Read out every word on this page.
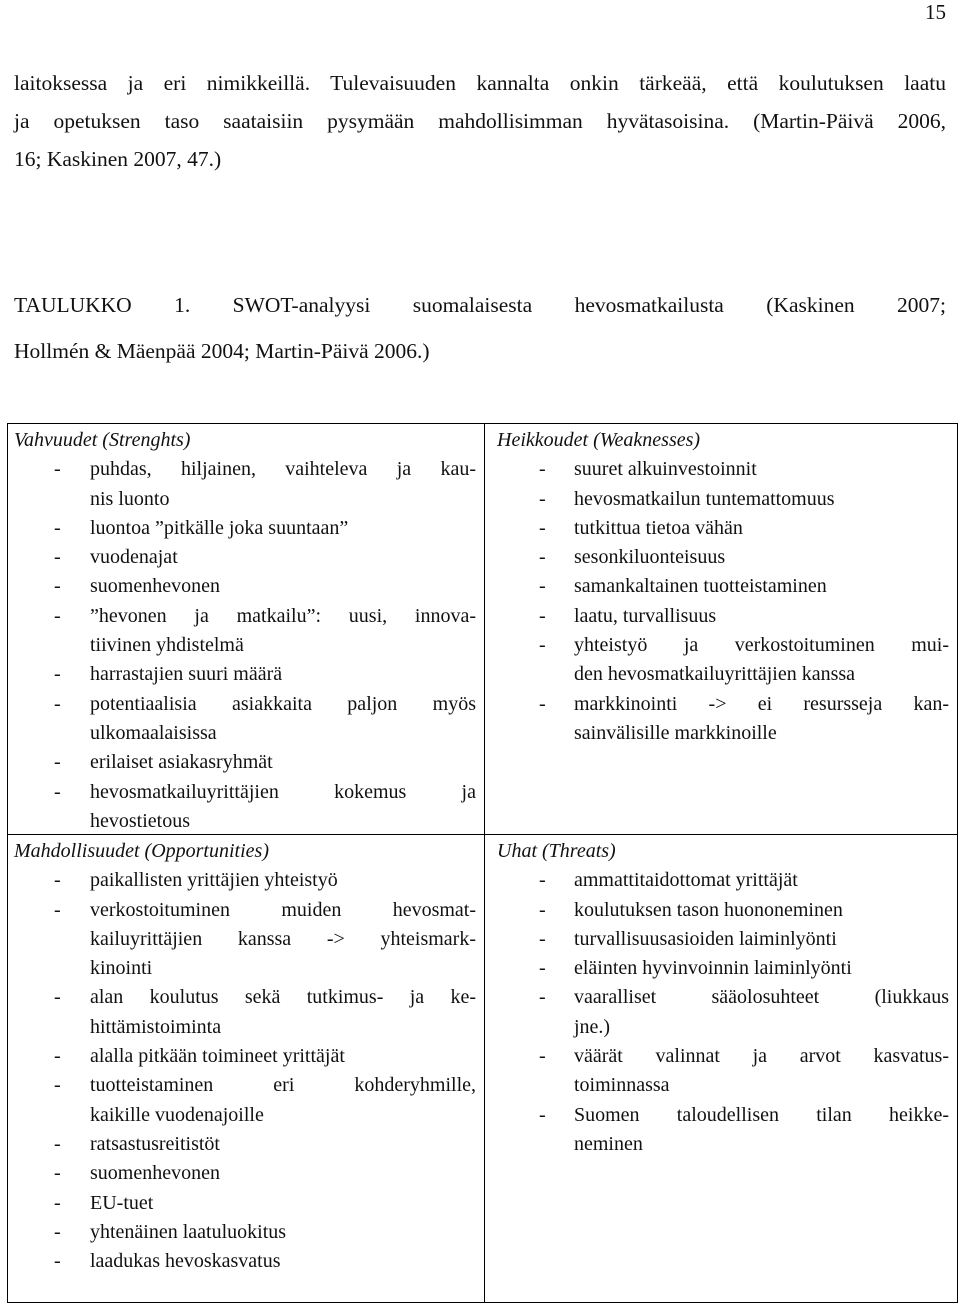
15
laitoksessa ja eri nimikkeillä. Tulevaisuuden kannalta onkin tärkeää, että koulutuksen laatu
ja opetuksen taso saataisiin pysymään mahdollisimman hyvätasoisina. (Martin-Päivä 2006,
16; Kaskinen 2007, 47.)
TAULUKKO 1. SWOT-analyysi suomalaisesta hevosmatkailusta (Kaskinen 2007;
Hollmén & Mäenpää 2004; Martin-Päivä 2006.)
Vahvuudet (Strenghts)
- puhdas, hiljainen, vaihteleva ja kau-
nis luonto
- luontoa ”pitkälle joka suuntaan”
- vuodenajat
- suomenhevonen
- ”hevonen ja matkailu”: uusi, innova-
tiivinen yhdistelmä
- harrastajien suuri määrä
- potentiaalisia asiakkaita paljon myös
ulkomaalaisissa
- erilaiset asiakasryhmät
- hevosmatkailuyrittäjien kokemus ja
hevostietous
Heikkoudet (Weaknesses)
- suuret alkuinvestoinnit
- hevosmatkailun tuntemattomuus
- tutkittua tietoa vähän
- sesonkiluonteisuus
- samankaltainen tuotteistaminen
- laatu, turvallisuus
- yhteistyö ja verkostoituminen mui-
den hevosmatkailuyrittäjien kanssa
- markkinointi -> ei resursseja kan-
sainvälisille markkinoille
Mahdollisuudet (Opportunities)
- paikallisten yrittäjien yhteistyö
- verkostoituminen muiden hevosmat-
kailuyrittäjien kanssa -> yhteismark-
kinointi
- alan koulutus sekä tutkimus- ja ke-
hittämistoiminta
- alalla pitkään toimineet yrittäjät
- tuotteistaminen eri kohderyhmille,
kaikille vuodenajoille
- ratsastusreitistöt
- suomenhevonen
- EU-tuet
- yhtenäinen laatuluokitus
- laadukas hevoskasvatus
Uhat (Threats)
- ammattitaidottomat yrittäjät
- koulutuksen tason huononeminen
- turvallisuusasioiden laiminlyönti
- eläinten hyvinvoinnin laiminlyönti
- vaaralliset sääolosuhteet (liukkaus
jne.)
- väärät valinnat ja arvot kasvatus-
toiminnassa
- Suomen taloudellisen tilan heikke-
neminen
